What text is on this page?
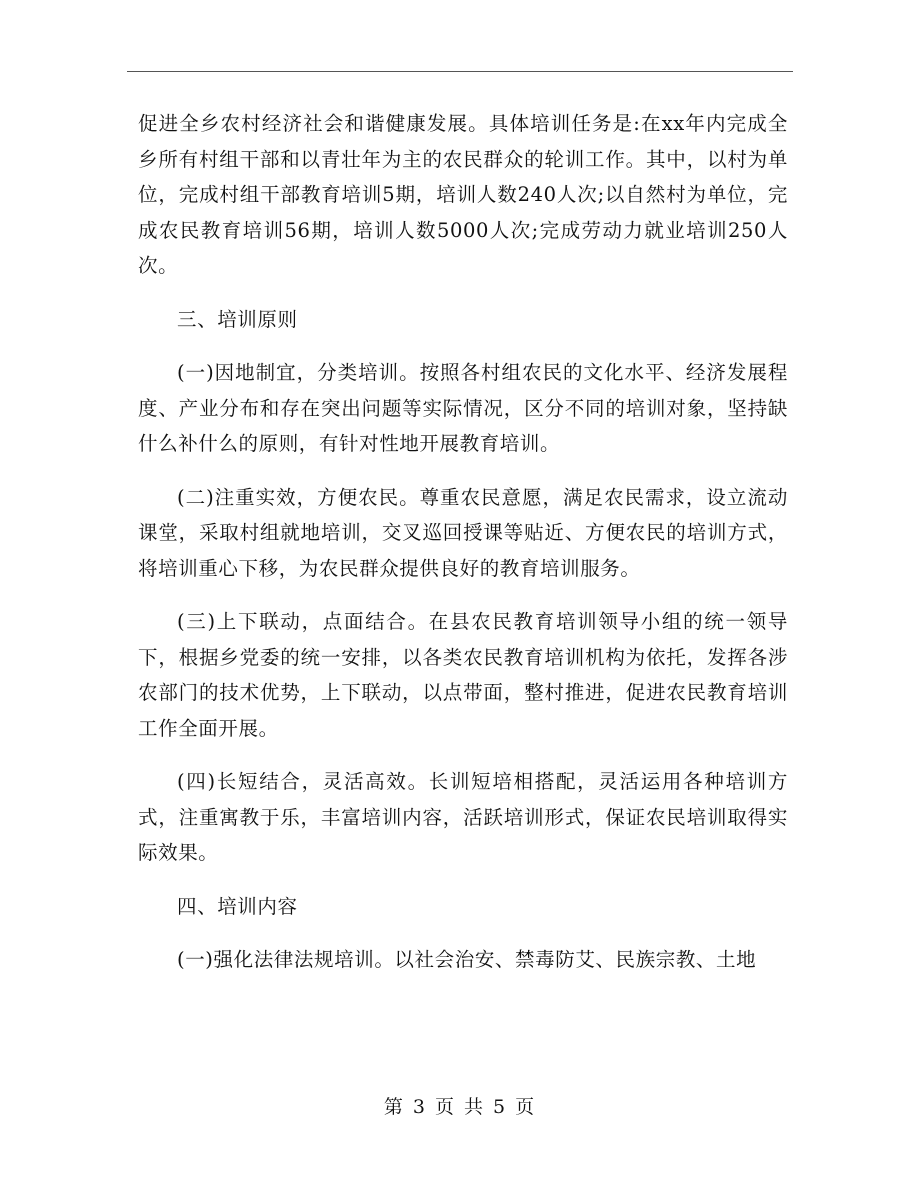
促进全乡农村经济社会和谐健康发展。具体培训任务是:在xx年内完成全乡所有村组干部和以青壮年为主的农民群众的轮训工作。其中，以村为单位，完成村组干部教育培训5期，培训人数240人次;以自然村为单位，完成农民教育培训56期，培训人数5000人次;完成劳动力就业培训250人次。

三、培训原则

(一)因地制宜，分类培训。按照各村组农民的文化水平、经济发展程度、产业分布和存在突出问题等实际情况，区分不同的培训对象，坚持缺什么补什么的原则，有针对性地开展教育培训。

(二)注重实效，方便农民。尊重农民意愿，满足农民需求，设立流动课堂，采取村组就地培训，交叉巡回授课等贴近、方便农民的培训方式，将培训重心下移，为农民群众提供良好的教育培训服务。

(三)上下联动，点面结合。在县农民教育培训领导小组的统一领导下，根据乡党委的统一安排，以各类农民教育培训机构为依托，发挥各涉农部门的技术优势，上下联动，以点带面，整村推进，促进农民教育培训工作全面开展。

(四)长短结合，灵活高效。长训短培相搭配，灵活运用各种培训方式，注重寓教于乐，丰富培训内容，活跃培训形式，保证农民培训取得实际效果。

四、培训内容

(一)强化法律法规培训。以社会治安、禁毒防艾、民族宗教、土地

第 3 页 共 5 页
